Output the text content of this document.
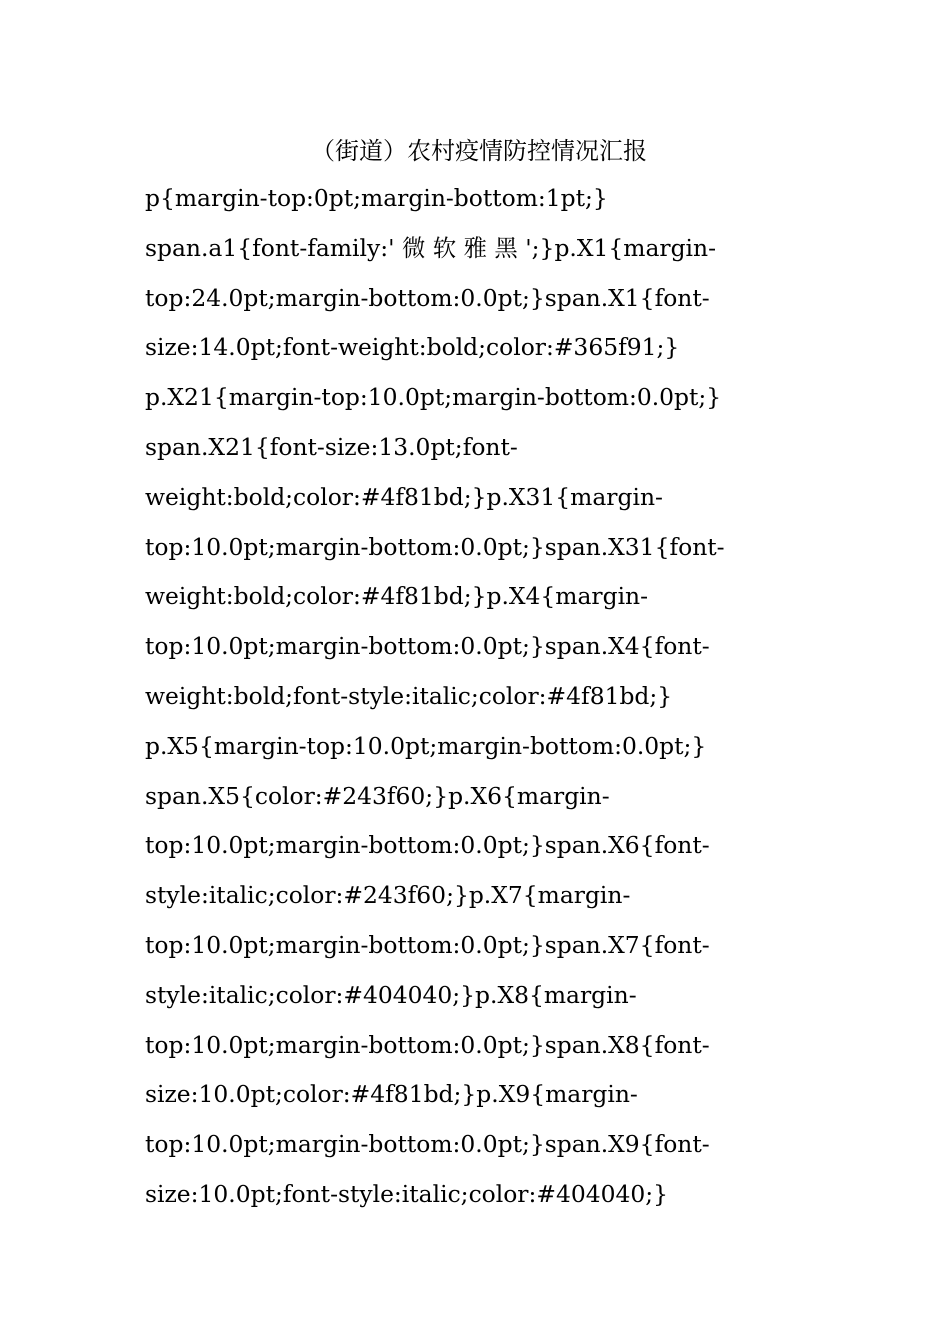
（街道）农村疫情防控情况汇报
p{margin-top:0pt;margin-bottom:1pt;}
span.a1{font-family:' 微 软 雅 黑 ';}p.X1{margin-
top:24.0pt;margin-bottom:0.0pt;}span.X1{font-
size:14.0pt;font-weight:bold;color:#365f91;}
p.X21{margin-top:10.0pt;margin-bottom:0.0pt;}
span.X21{font-size:13.0pt;font-
weight:bold;color:#4f81bd;}p.X31{margin-
top:10.0pt;margin-bottom:0.0pt;}span.X31{font-
weight:bold;color:#4f81bd;}p.X4{margin-
top:10.0pt;margin-bottom:0.0pt;}span.X4{font-
weight:bold;font-style:italic;color:#4f81bd;}
p.X5{margin-top:10.0pt;margin-bottom:0.0pt;}
span.X5{color:#243f60;}p.X6{margin-
top:10.0pt;margin-bottom:0.0pt;}span.X6{font-
style:italic;color:#243f60;}p.X7{margin-
top:10.0pt;margin-bottom:0.0pt;}span.X7{font-
style:italic;color:#404040;}p.X8{margin-
top:10.0pt;margin-bottom:0.0pt;}span.X8{font-
size:10.0pt;color:#4f81bd;}p.X9{margin-
top:10.0pt;margin-bottom:0.0pt;}span.X9{font-
size:10.0pt;font-style:italic;color:#404040;}
